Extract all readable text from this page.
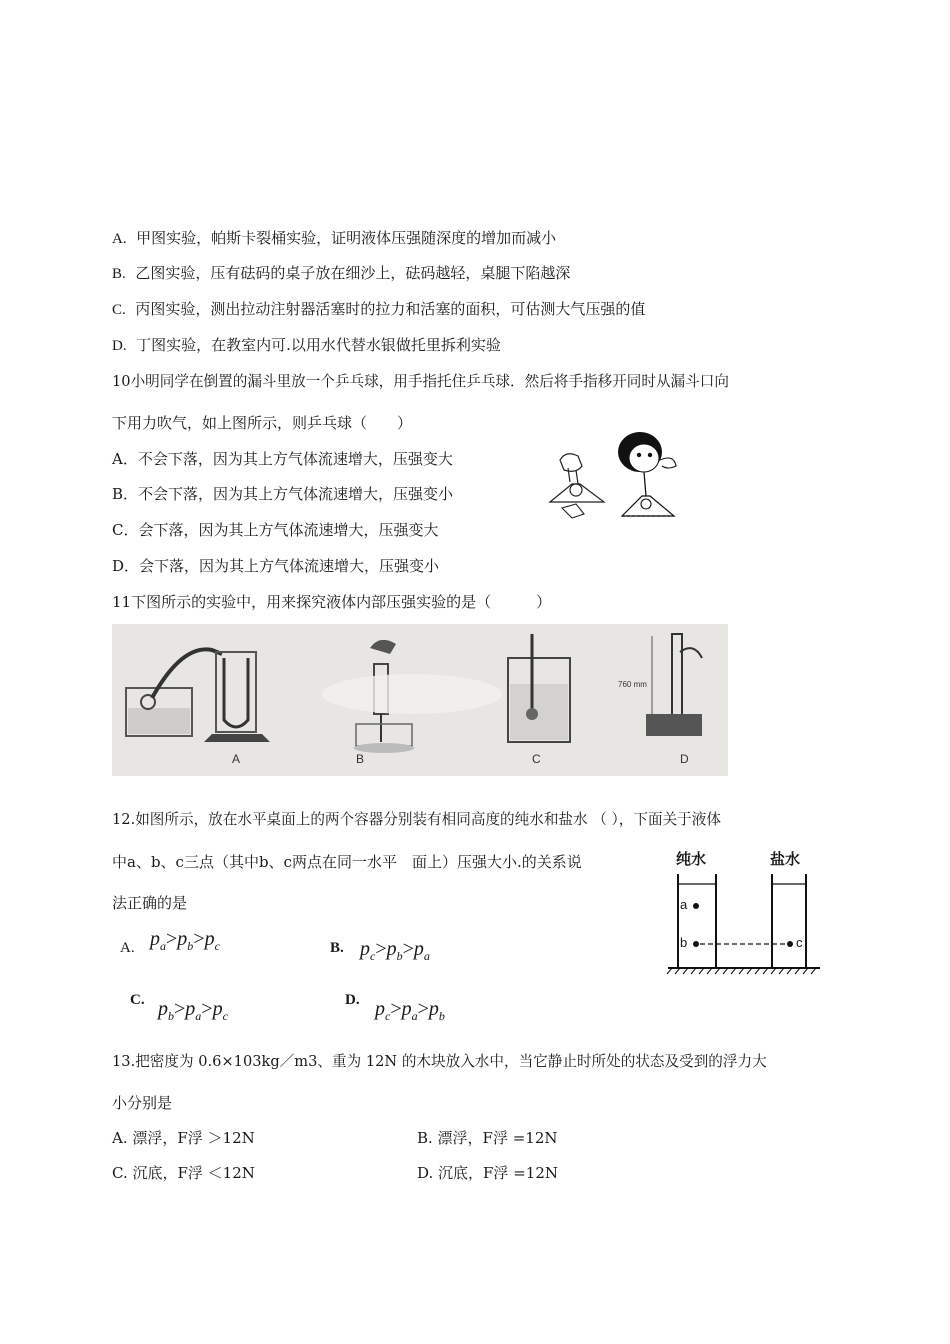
A. 甲图实验，帕斯卡裂桶实验，证明液体压强随深度的增加而减小
B. 乙图实验，压有砝码的桌子放在细沙上，砝码越轻，桌腿下陷越深
C. 丙图实验，测出拉动注射器活塞时的拉力和活塞的面积，可估测大气压强的值
D. 丁图实验，在教室内可.以用水代替水银做托里拆利实验
10小明同学在倒置的漏斗里放一个乒乓球，用手指托住乒乓球．然后将手指移开同时从漏斗口向
下用力吹气，如上图所示，则乒乓球（　　）
A．不会下落，因为其上方气体流速增大，压强变大
B．不会下落，因为其上方气体流速增大，压强变小
C．会下落，因为其上方气体流速增大，压强变大
D．会下落，因为其上方气体流速增大，压强变小
11下图所示的实验中，用来探究液体内部压强实验的是（　　　）
760 mm
A	B	C	D
12.如图所示，放在水平桌面上的两个容器分别装有相同高度的纯水和盐水 （ ），下面关于液体
中a、b、c三点（其中b、c两点在同一水平　面上）压强大小.的关系说
法正确的是
A. $p_a>p_b>p_c$	B. $p_c>p_b>p_a$
C. $p_b>p_a>p_c$
D. $p_c>p_a>p_b$
纯水	盐水
a
b	c
13.把密度为 0.6×103kg／m3、重为 12N 的木块放入水中，当它静止时所处的状态及受到的浮力大
小分别是
A. 漂浮，F浮 ＞12N	B. 漂浮，F浮 =12N
C. 沉底，F浮 ＜12N	D. 沉底，F浮 =12N
